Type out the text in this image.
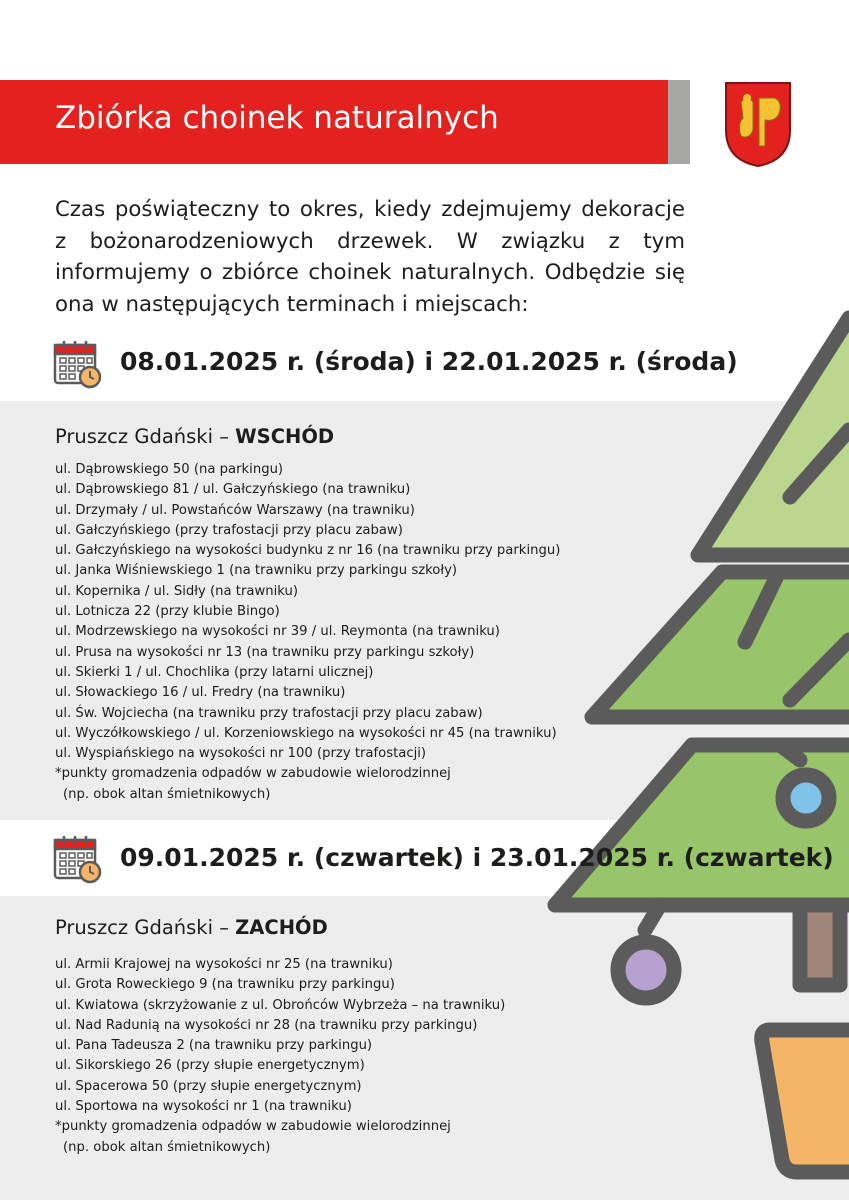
Zbiórka choinek naturalnych
Czas poświąteczny to okres, kiedy zdejmujemy dekoracje z bożonarodzeniowych drzewek. W związku z tym informujemy o zbiórce choinek naturalnych. Odbędzie się ona w następujących terminach i miejscach:
08.01.2025 r. (środa) i 22.01.2025 r. (środa)
Pruszcz Gdański – WSCHÓD
ul. Dąbrowskiego 50 (na parkingu)
ul. Dąbrowskiego 81 / ul. Gałczyńskiego (na trawniku)
ul. Drzymały / ul. Powstańców Warszawy (na trawniku)
ul. Gałczyńskiego (przy trafostacji przy placu zabaw)
ul. Gałczyńskiego na wysokości budynku z nr 16 (na trawniku przy parkingu)
ul. Janka Wiśniewskiego 1 (na trawniku przy parkingu szkoły)
ul. Kopernika / ul. Sidły (na trawniku)
ul. Lotnicza 22 (przy klubie Bingo)
ul. Modrzewskiego na wysokości nr 39 / ul. Reymonta (na trawniku)
ul. Prusa na wysokości nr 13 (na trawniku przy parkingu szkoły)
ul. Skierki 1 / ul. Chochlika (przy latarni ulicznej)
ul. Słowackiego 16 / ul. Fredry (na trawniku)
ul. Św. Wojciecha (na trawniku przy trafostacji przy placu zabaw)
ul. Wyczółkowskiego / ul. Korzeniowskiego na wysokości nr 45 (na trawniku)
ul. Wyspiańskiego na wysokości nr 100 (przy trafostacji)
*punkty gromadzenia odpadów w zabudowie wielorodzinnej
(np. obok altan śmietnikowych)
09.01.2025 r. (czwartek) i 23.01.2025 r. (czwartek)
Pruszcz Gdański – ZACHÓD
ul. Armii Krajowej na wysokości nr 25 (na trawniku)
ul. Grota Roweckiego 9 (na trawniku przy parkingu)
ul. Kwiatowa (skrzyżowanie z ul. Obrońców Wybrzeża – na trawniku)
ul. Nad Radunią na wysokości nr 28 (na trawniku przy parkingu)
ul. Pana Tadeusza 2 (na trawniku przy parkingu)
ul. Sikorskiego 26 (przy słupie energetycznym)
ul. Spacerowa 50 (przy słupie energetycznym)
ul. Sportowa na wysokości nr 1 (na trawniku)
*punkty gromadzenia odpadów w zabudowie wielorodzinnej
(np. obok altan śmietnikowych)
